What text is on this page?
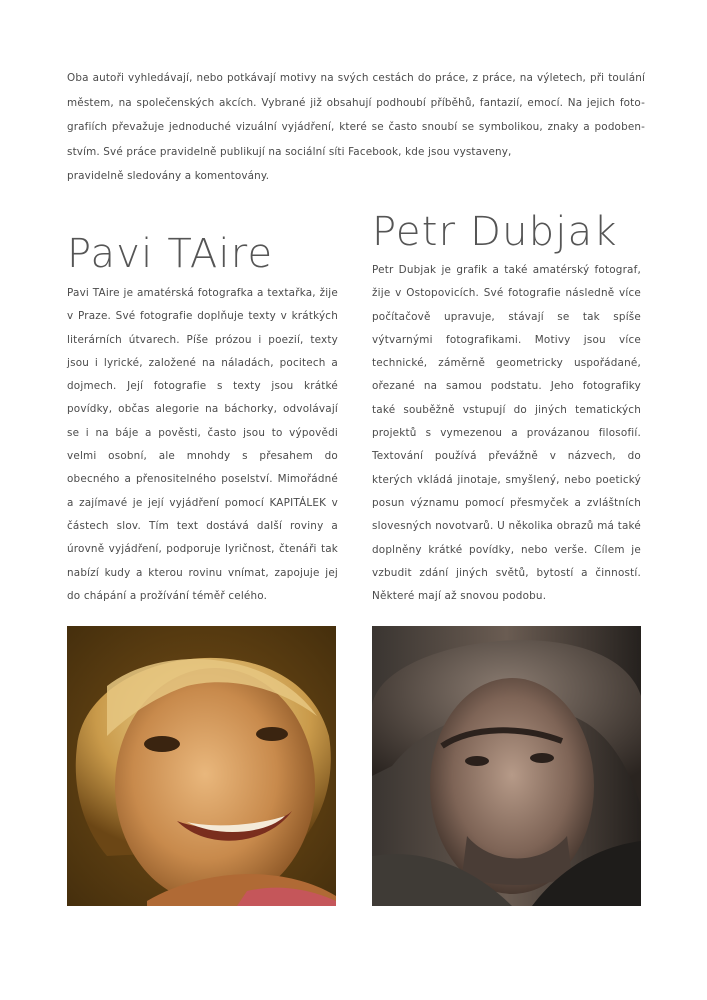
Oba autoři vyhledávají, nebo potkávají motivy na svých cestách do práce, z práce, na výletech, při toulání
městem, na společenských akcích. Vybrané již obsahují podhoubí příběhů, fantazií, emocí. Na jejich foto-
grafiích převažuje jednoduché vizuální vyjádření, které se často snoubí se symbolikou, znaky a podoben-
stvím. Své práce pravidelně publikují na sociální síti Facebook, kde jsou vystaveny,
pravidelně sledovány a komentovány.

Pavi TAire
Pavi TAire je amatérská fotografka a textařka, žije
v Praze. Své fotografie doplňuje texty v krátkých
literárních útvarech. Píše prózou i poezií, texty
jsou i lyrické, založené na náladách, pocitech a
dojmech. Její fotografie s texty jsou krátké
povídky, občas alegorie na báchorky, odvolávají
se i na báje a pověsti, často jsou to výpovědi
velmi osobní, ale mnohdy s přesahem do
obecného a přenositelného poselství. Mimořádné
a zajímavé je její vyjádření pomocí KAPITÁLEK v
částech slov. Tím text dostává další roviny a
úrovně vyjádření, podporuje lyričnost, čtenáři tak
nabízí kudy a kterou rovinu vnímat, zapojuje jej
do chápání a prožívání téměř celého.
Petr Dubjak
Petr Dubjak je grafik a také amatérský fotograf,
žije v Ostopovicích. Své fotografie následně více
počítačově upravuje, stávají se tak spíše
výtvarnými fotografikami. Motivy jsou více
technické, záměrně geometricky uspořádané,
ořezané na samou podstatu. Jeho fotografiky
také souběžně vstupují do jiných tematických
projektů s vymezenou a provázanou filosofií.
Textování používá převážně v názvech, do
kterých vkládá jinotaje, smyšlený, nebo poetický
posun významu pomocí přesmyček a zvláštních
slovesných novotvarů. U několika obrazů má také
doplněny krátké povídky, nebo verše. Cílem je
vzbudit zdání jiných světů, bytostí a činností.
Některé mají až snovou podobu.
